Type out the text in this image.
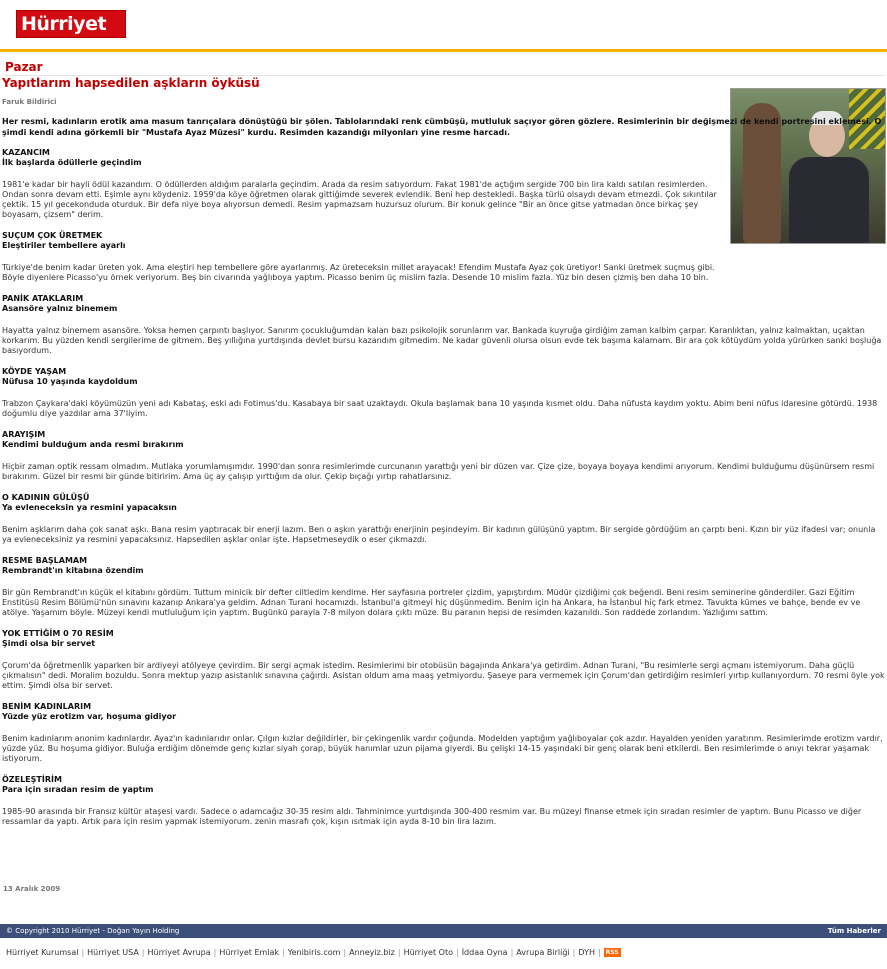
Hürriyet
Pazar
Yapıtlarım hapsedilen aşkların öyküsü
Faruk Bildirici
Her resmi, kadınların erotik ama masum tanrıçalara dönüştüğü bir şölen. Tablolarındaki renk cümbüşü, mutluluk saçıyor gören gözlere. Resimlerinin bir değişmezi de kendi portresini eklemesi. O şimdi kendi adına görkemli bir "Mustafa Ayaz Müzesi" kurdu. Resimden kazandığı milyonları yine resme harcadı.
KAZANCIM
İlk başlarda ödüllerle geçindim
1981'e kadar bir hayli ödül kazandım. O ödüllerden aldığım paralarla geçindim. Arada da resim satıyordum. Fakat 1981'de açtığım sergide 700 bin lira kaldı satılan resimlerden. Ondan sonra devam etti. Eşimle aynı köydeniz. 1959'da köye öğretmen olarak gittiğimde severek evlendik. Beni hep destekledi. Başka türlü olsaydı devam etmezdi. Çok sıkıntılar çektik. 15 yıl gecekonduda oturduk. Bir defa niye boya alıyorsun demedi. Resim yapmazsam huzursuz olurum. Bir konuk gelince "Bir an önce gitse yatmadan önce birkaç şey boyasam, çizsem" derim.
SUÇUM ÇOK ÜRETMEK
Eleştiriler tembellere ayarlı
Türkiye'de benim kadar üreten yok. Ama eleştiri hep tembellere göre ayarlanmış. Az üreteceksin millet arayacak! Efendim Mustafa Ayaz çok üretiyor! Sanki üretmek suçmuş gibi. Böyle diyenlere Picasso'yu örnek veriyorum. Beş bin civarında yağlıboya yaptım. Picasso benim üç mislim fazla. Desende 10 mislim fazla. Yüz bin desen çizmiş ben daha 10 bin.
PANİK ATAKLARIM
Asansöre yalnız binemem
Hayatta yalnız binemem asansöre. Yoksa hemen çarpıntı başlıyor. Sanırım çocukluğumdan kalan bazı psikolojik sorunlarım var. Bankada kuyruğa girdiğim zaman kalbim çarpar. Karanlıktan, yalnız kalmaktan, uçaktan korkarım. Bu yüzden kendi sergilerime de gitmem. Beş yıllığına yurtdışında devlet bursu kazandım gitmedim. Ne kadar güvenli olursa olsun evde tek başıma kalamam. Bir ara çok kötüydüm yolda yürürken sanki boşluğa basıyordum.
KÖYDE YAŞAM
Nüfusa 10 yaşında kaydoldum
Trabzon Çaykara'daki köyümüzün yeni adı Kabataş, eski adı Fotimus'du. Kasabaya bir saat uzaktaydı. Okula başlamak bana 10 yaşında kısmet oldu. Daha nüfusta kaydım yoktu. Abim beni nüfus idaresine götürdü. 1938 doğumlu diye yazdılar ama 37'liyim.
ARAYIŞIM
Kendimi bulduğum anda resmi bırakırım
Hiçbir zaman optik ressam olmadım. Mutlaka yorumlamışımdır. 1990'dan sonra resimlerimde curcunanın yarattığı yeni bir düzen var. Çize çize, boyaya boyaya kendimi arıyorum. Kendimi bulduğumu düşünürsem resmi bırakırım. Güzel bir resmi bir günde bitiririm. Ama üç ay çalışıp yırttığım da olur. Çekip bıçağı yırtıp rahatlarsınız.
O KADININ GÜLÜŞÜ
Ya evleneceksin ya resmini yapacaksın
Benim aşklarım daha çok sanat aşkı. Bana resim yaptıracak bir enerji lazım. Ben o aşkın yarattığı enerjinin peşindeyim. Bir kadının gülüşünü yaptım. Bir sergide gördüğüm an çarptı beni. Kızın bir yüz ifadesi var; onunla ya evleneceksiniz ya resmini yapacaksınız. Hapsedilen aşklar onlar işte. Hapsetmeseydik o eser çıkmazdı.
RESME BAŞLAMAM
Rembrandt'ın kitabına özendim
Bir gün Rembrandt'ın küçük el kitabını gördüm. Tuttum minicik bir defter ciltledim kendime. Her sayfasına portreler çizdim, yapıştırdım. Müdür çizdiğimi çok beğendi. Beni resim seminerine gönderdiler. Gazi Eğitim Enstitüsü Resim Bölümü'nün sınavını kazanıp Ankara'ya geldim. Adnan Turani hocamızdı. İstanbul'a gitmeyi hiç düşünmedim. Benim için ha Ankara, ha İstanbul hiç fark etmez. Tavukta kümes ve bahçe, bende ev ve atölye. Yaşamım böyle. Müzeyi kendi mutluluğum için yaptım. Bugünkü parayla 7-8 milyon dolara çıktı müze. Bu paranın hepsi de resimden kazanıldı. Son raddede zorlandım. Yazlığımı sattım.
YOK ETTİĞİM 0 70 RESİM
Şimdi olsa bir servet
Çorum'da öğretmenlik yaparken bir ardiyeyi atölyeye çevirdim. Bir sergi açmak istedim. Resimlerimi bir otobüsün bagajında Ankara'ya getirdim. Adnan Turani, "Bu resimlerle sergi açmanı istemiyorum. Daha güçlü çıkmalısın" dedi. Moralim bozuldu. Sonra mektup yazıp asistanlık sınavına çağırdı. Asistan oldum ama maaş yetmiyordu. Şaseye para vermemek için Çorum'dan getirdiğim resimleri yırtıp kullanıyordum. 70 resmi öyle yok ettim. Şimdi olsa bir servet.
BENİM KADINLARIM
Yüzde yüz erotizm var, hoşuma gidiyor
Benim kadınlarım anonim kadınlardır. Ayaz'ın kadınlarıdır onlar. Çılgın kızlar değildirler, bir çekingenlik vardır çoğunda. Modelden yaptığım yağlıboyalar çok azdır. Hayalden yeniden yaratırım. Resimlerimde erotizm vardır, yüzde yüz. Bu hoşuma gidiyor. Buluğa erdiğim dönemde genç kızlar siyah çorap, büyük hanımlar uzun pijama giyerdi. Bu çelişki 14-15 yaşındaki bir genç olarak beni etkilerdi. Ben resimlerimde o anıyı tekrar yaşamak istiyorum.
ÖZELEŞTİRİM
Para için sıradan resim de yaptım
1985-90 arasında bir Fransız kültür ataşesi vardı. Sadece o adamcağız 30-35 resim aldı. Tahminimce yurtdışında 300-400 resmim var. Bu müzeyi finanse etmek için sıradan resimler de yaptım. Bunu Picasso ve diğer ressamlar da yaptı. Artık para için resim yapmak istemiyorum. zenin masrafı çok, kışın ısıtmak için ayda 8-10 bin lira lazım.
13 Aralık 2009
© Copyright 2010 Hürriyet - Doğan Yayın Holding	Tüm Haberler
Hürriyet Kurumsal | Hürriyet USA | Hürriyet Avrupa | Hürriyet Emlak | Yenibiris.com | Anneyiz.biz | Hürriyet Oto | İddaa Oyna | Avrupa Birliği | DYH | RSS
